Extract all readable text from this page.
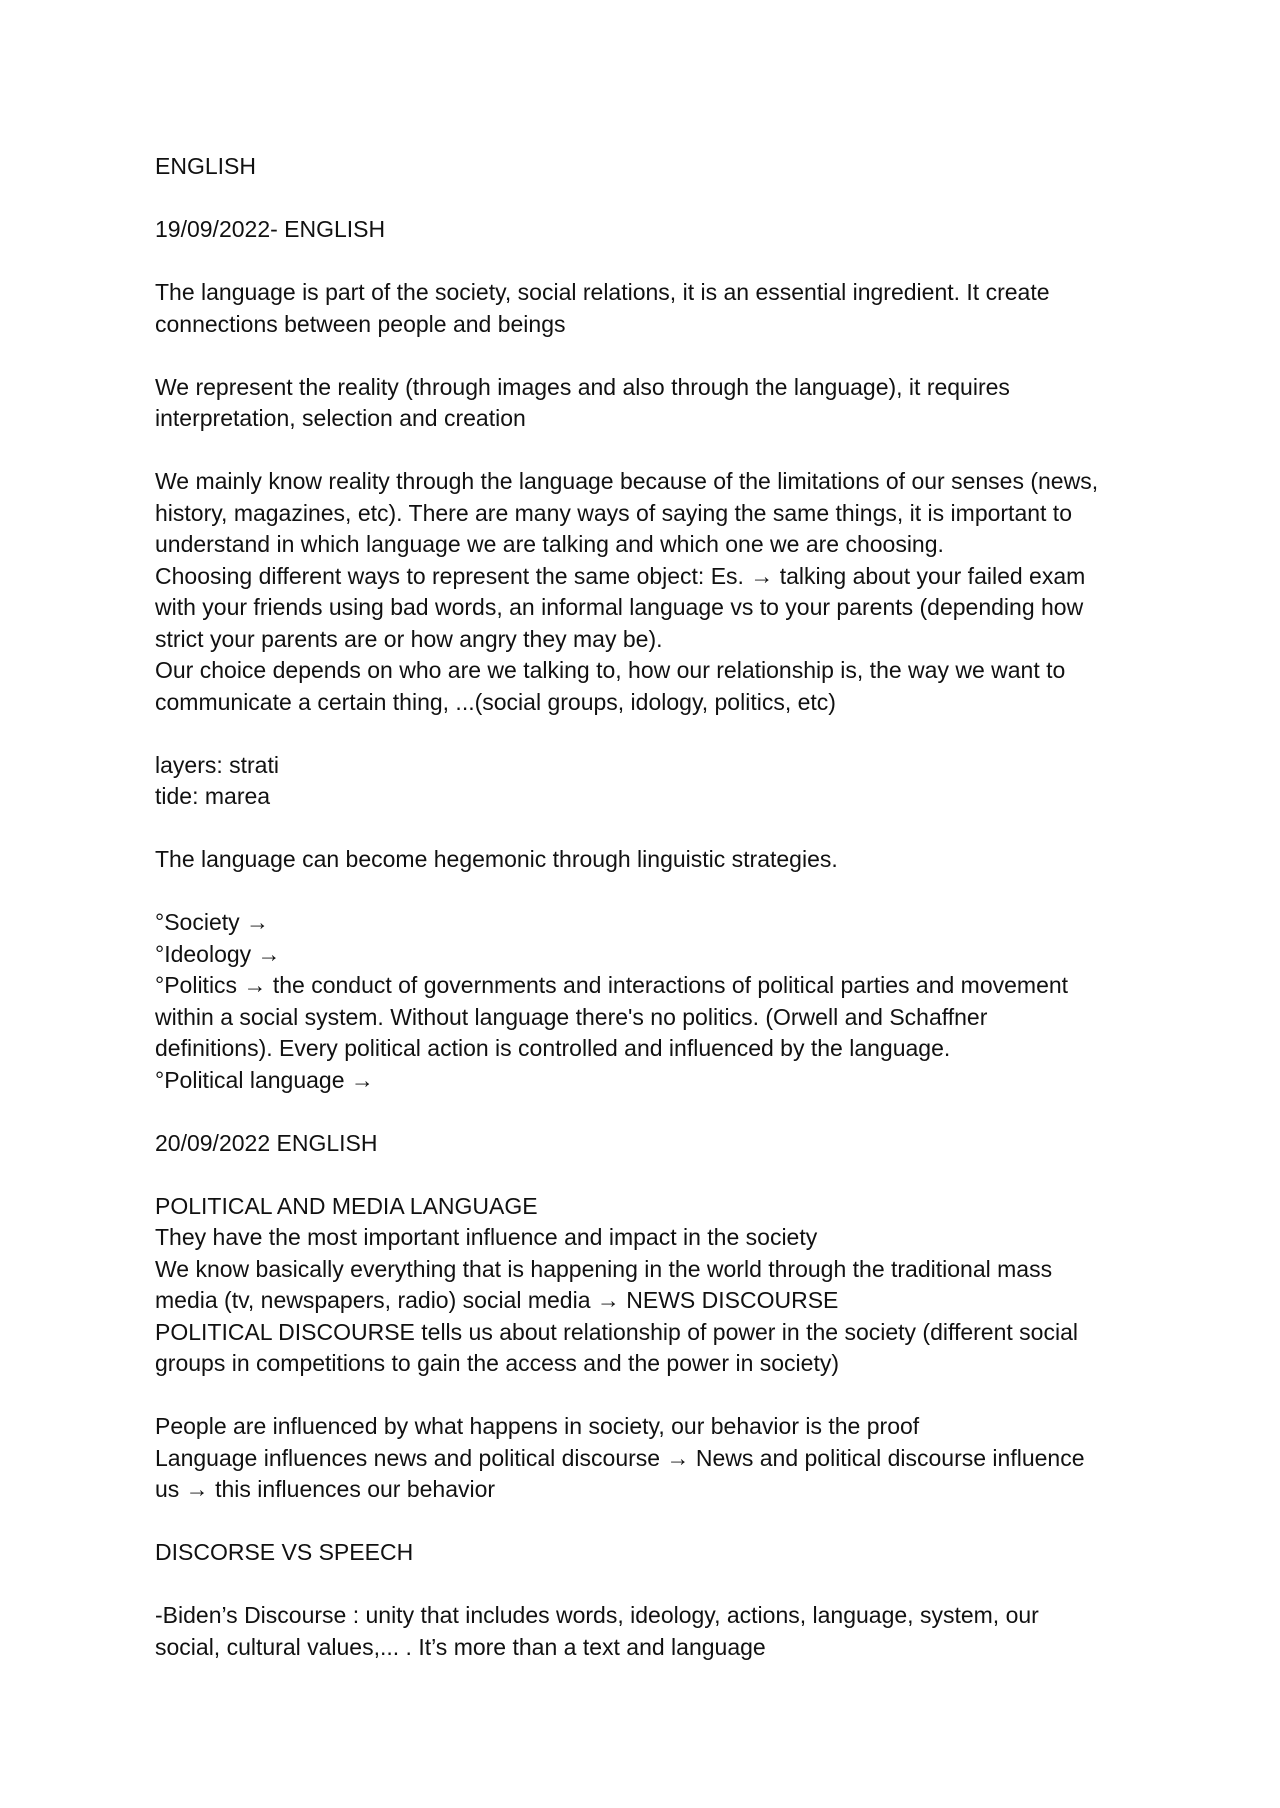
ENGLISH

19/09/2022- ENGLISH

The language is part of the society, social relations, it is an essential ingredient. It create
connections between people and beings

We represent the reality (through images and also through the language), it requires
interpretation, selection and creation

We mainly know reality through the language because of the limitations of our senses (news,
history, magazines, etc). There are many ways of saying the same things, it is important to
understand in which language we are talking and which one we are choosing.
Choosing different ways to represent the same object: Es. → talking about your failed exam
with your friends using bad words, an informal language vs to your parents (depending how
strict your parents are or how angry they may be).
Our choice depends on who are we talking to, how our relationship is, the way we want to
communicate a certain thing, ...(social groups, idology, politics, etc)

layers: strati
tide: marea

The language can become hegemonic through linguistic strategies.

°Society →
°Ideology →
°Politics → the conduct of governments and interactions of political parties and movement
within a social system. Without language there's no politics. (Orwell and Schaffner
definitions). Every political action is controlled and influenced by the language.
°Political language →

20/09/2022 ENGLISH

POLITICAL AND MEDIA LANGUAGE
They have the most important influence and impact in the society
We know basically everything that is happening in the world through the traditional mass
media (tv, newspapers, radio) social media → NEWS DISCOURSE
POLITICAL DISCOURSE tells us about relationship of power in the society (different social
groups in competitions to gain the access and the power in society)

People are influenced by what happens in society, our behavior is the proof
Language influences news and political discourse → News and political discourse influence
us → this influences our behavior

DISCORSE VS SPEECH

-Biden’s Discourse : unity that includes words, ideology, actions, language, system, our
social, cultural values,... . It’s more than a text and language
